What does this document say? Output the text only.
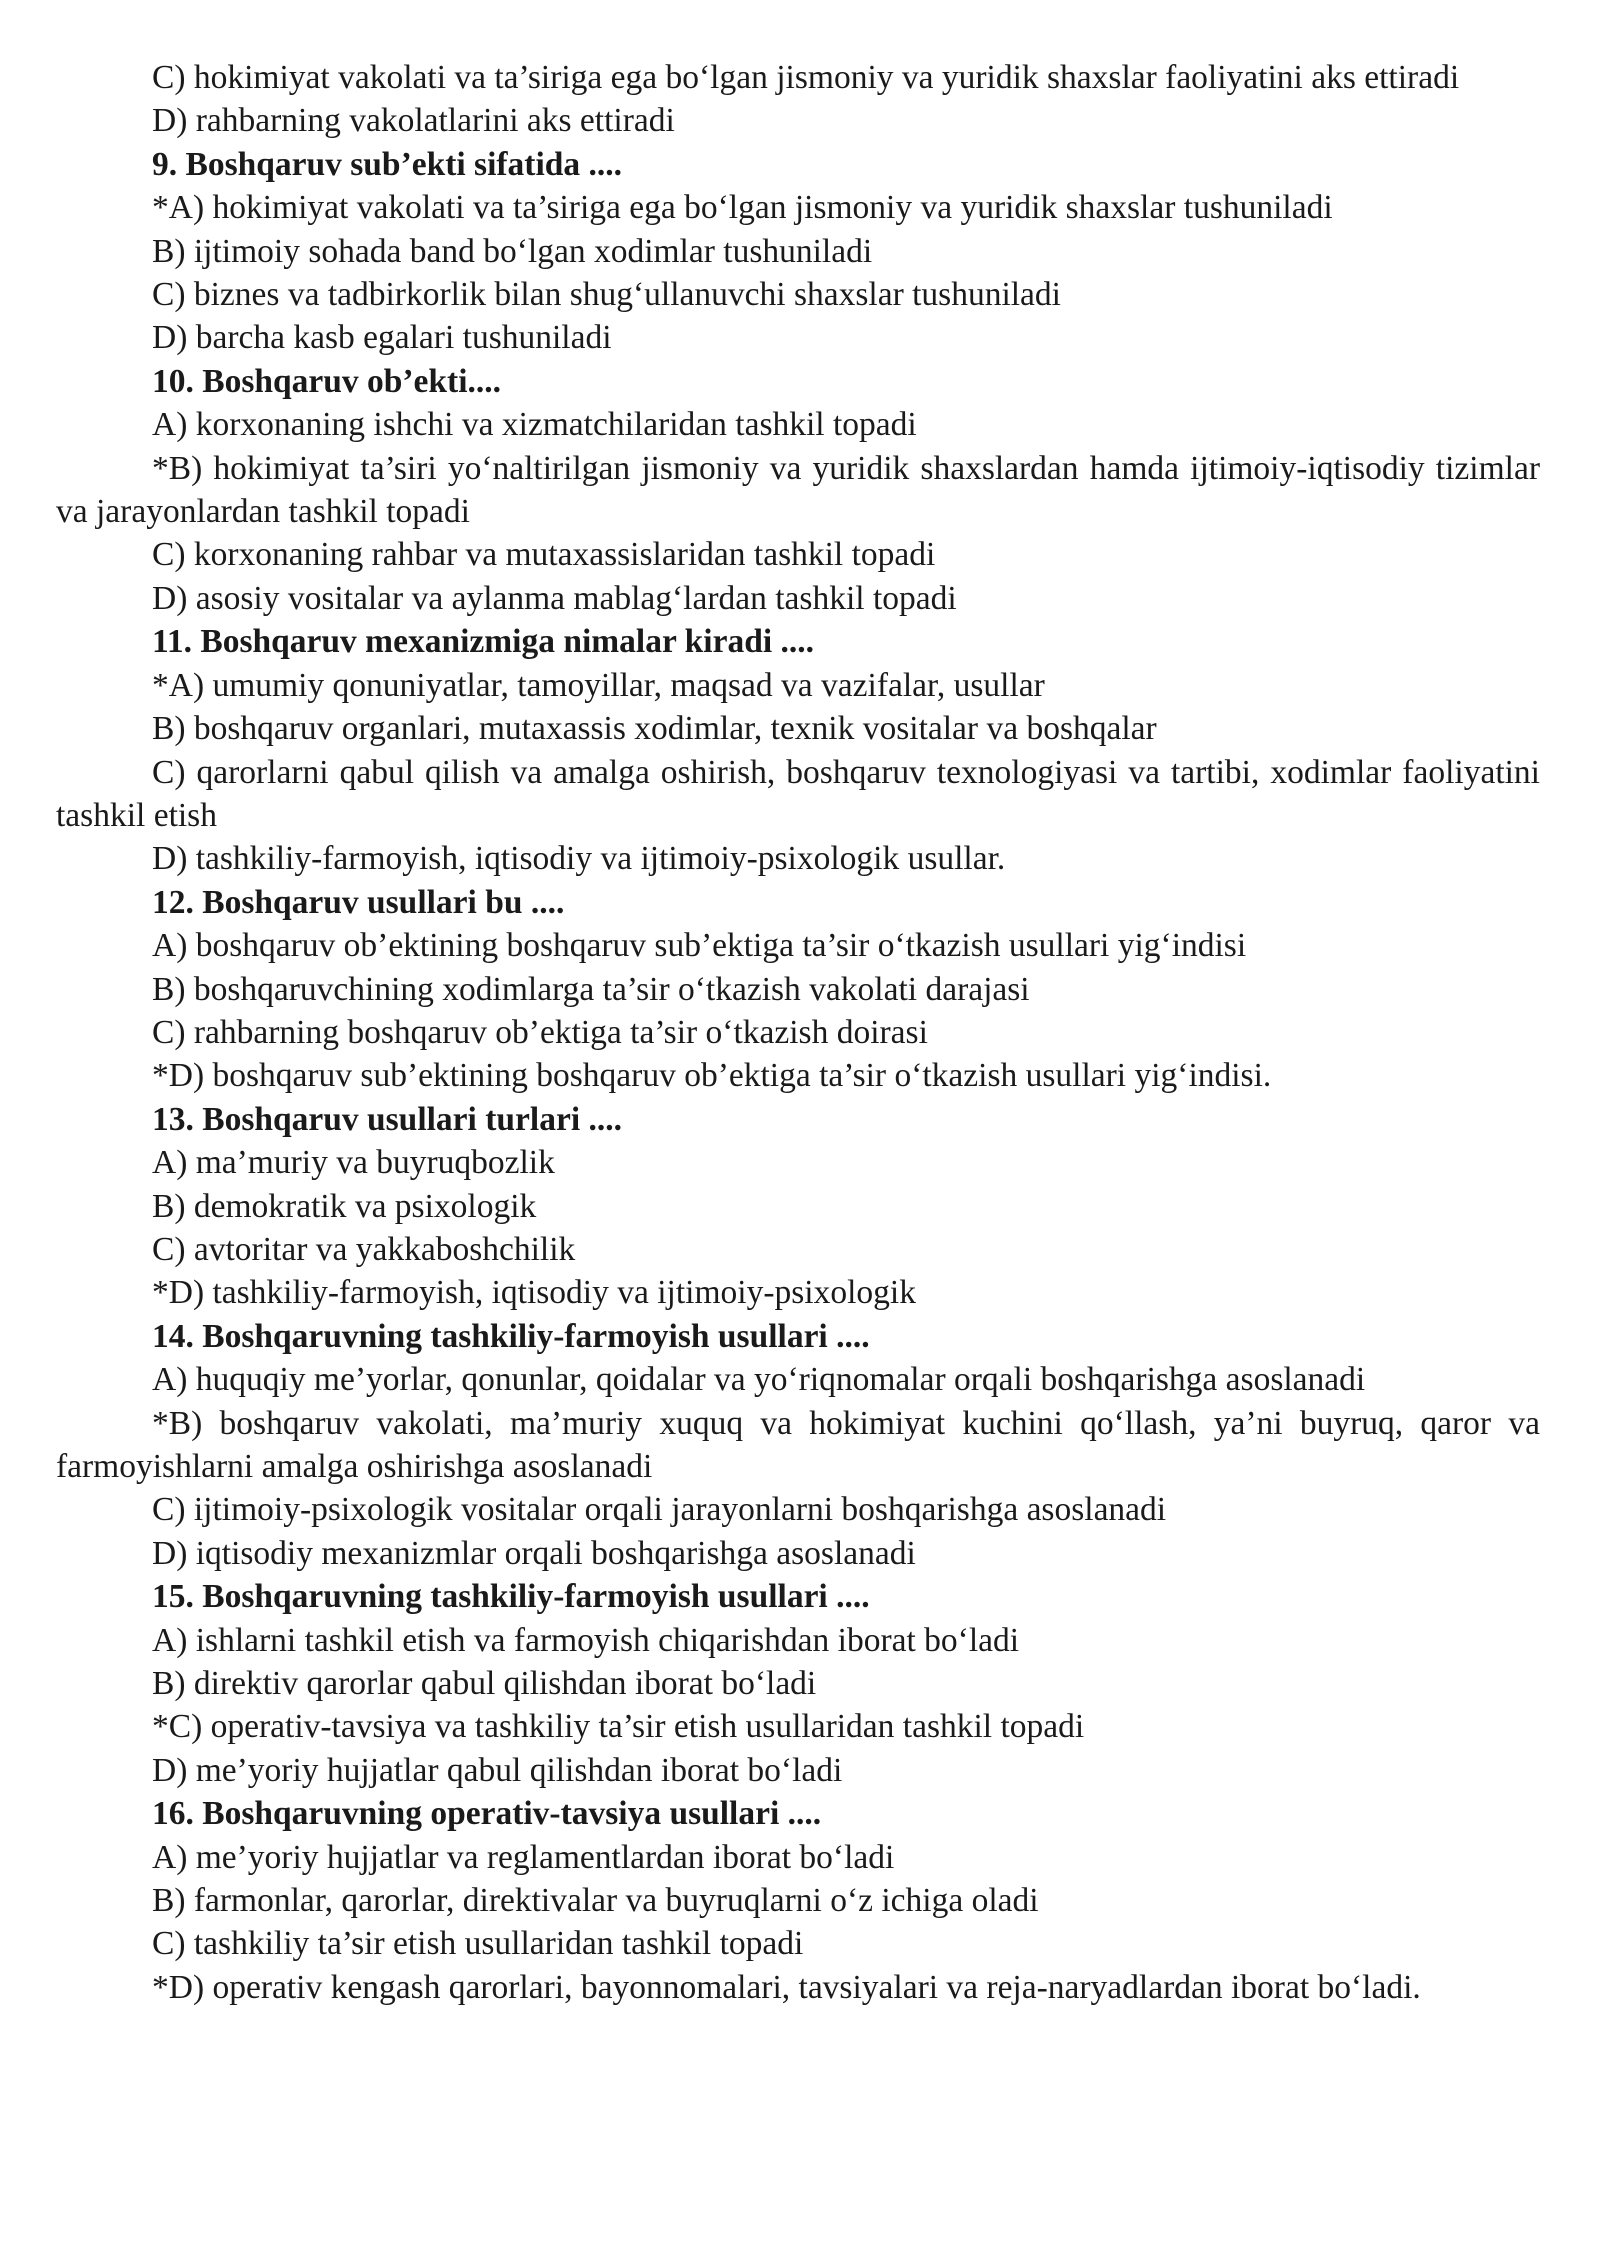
C) hokimiyat vakolati va ta’siriga ega bo‘lgan jismoniy va yuridik shaxslar faoliyatini aks ettiradi

D) rahbarning vakolatlarini aks ettiradi

9. Boshqaruv sub’ekti sifatida ....

*A) hokimiyat vakolati va ta’siriga ega bo‘lgan jismoniy va yuridik shaxslar tushuniladi

B) ijtimoiy sohada band bo‘lgan xodimlar tushuniladi

C) biznes va tadbirkorlik bilan shug‘ullanuvchi shaxslar tushuniladi

D) barcha kasb egalari tushuniladi

10. Boshqaruv ob’ekti....

A) korxonaning ishchi va xizmatchilaridan tashkil topadi

*B) hokimiyat ta’siri yo‘naltirilgan jismoniy va yuridik shaxslardan hamda ijtimoiy-iqtisodiy tizimlar va jarayonlardan tashkil topadi

C) korxonaning rahbar va mutaxassislaridan tashkil topadi

D) asosiy vositalar va aylanma mablag‘lardan tashkil topadi

11. Boshqaruv mexanizmiga nimalar kiradi ....

*A) umumiy qonuniyatlar, tamoyillar, maqsad va vazifalar, usullar

B) boshqaruv organlari, mutaxassis xodimlar, texnik vositalar va boshqalar

C) qarorlarni qabul qilish va amalga oshirish, boshqaruv texnologiyasi va tartibi, xodimlar faoliyatini tashkil etish

D) tashkiliy-farmoyish, iqtisodiy va ijtimoiy-psixologik usullar.

12. Boshqaruv usullari bu ....

A) boshqaruv ob’ektining boshqaruv sub’ektiga ta’sir o‘tkazish usullari yig‘indisi

B) boshqaruvchining xodimlarga ta’sir o‘tkazish vakolati darajasi

C) rahbarning boshqaruv ob’ektiga ta’sir o‘tkazish doirasi

*D) boshqaruv sub’ektining boshqaruv ob’ektiga ta’sir o‘tkazish usullari yig‘indisi.

13. Boshqaruv usullari turlari ....

A) ma’muriy va buyruqbozlik

B) demokratik va psixologik

C) avtoritar va yakkaboshchilik

*D) tashkiliy-farmoyish, iqtisodiy va ijtimoiy-psixologik

14. Boshqaruvning tashkiliy-farmoyish usullari ....

A) huquqiy me’yorlar, qonunlar, qoidalar va yo‘riqnomalar orqali boshqarishga asoslanadi

*B) boshqaruv vakolati, ma’muriy xuquq va hokimiyat kuchini qo‘llash, ya’ni buyruq, qaror va farmoyishlarni amalga oshirishga asoslanadi

C) ijtimoiy-psixologik vositalar orqali jarayonlarni boshqarishga asoslanadi

D) iqtisodiy mexanizmlar orqali boshqarishga asoslanadi

15. Boshqaruvning tashkiliy-farmoyish usullari ....

A) ishlarni tashkil etish va farmoyish chiqarishdan iborat bo‘ladi

B) direktiv qarorlar qabul qilishdan iborat bo‘ladi

*C) operativ-tavsiya va tashkiliy ta’sir etish usullaridan tashkil topadi

D) me’yoriy hujjatlar qabul qilishdan iborat bo‘ladi

16. Boshqaruvning operativ-tavsiya usullari ....

A) me’yoriy hujjatlar va reglamentlardan iborat bo‘ladi

B) farmonlar, qarorlar, direktivalar va buyruqlarni o‘z ichiga oladi

C) tashkiliy ta’sir etish usullaridan tashkil topadi

*D) operativ kengash qarorlari, bayonnomalari, tavsiyalari va reja-naryadlardan iborat bo‘ladi.
